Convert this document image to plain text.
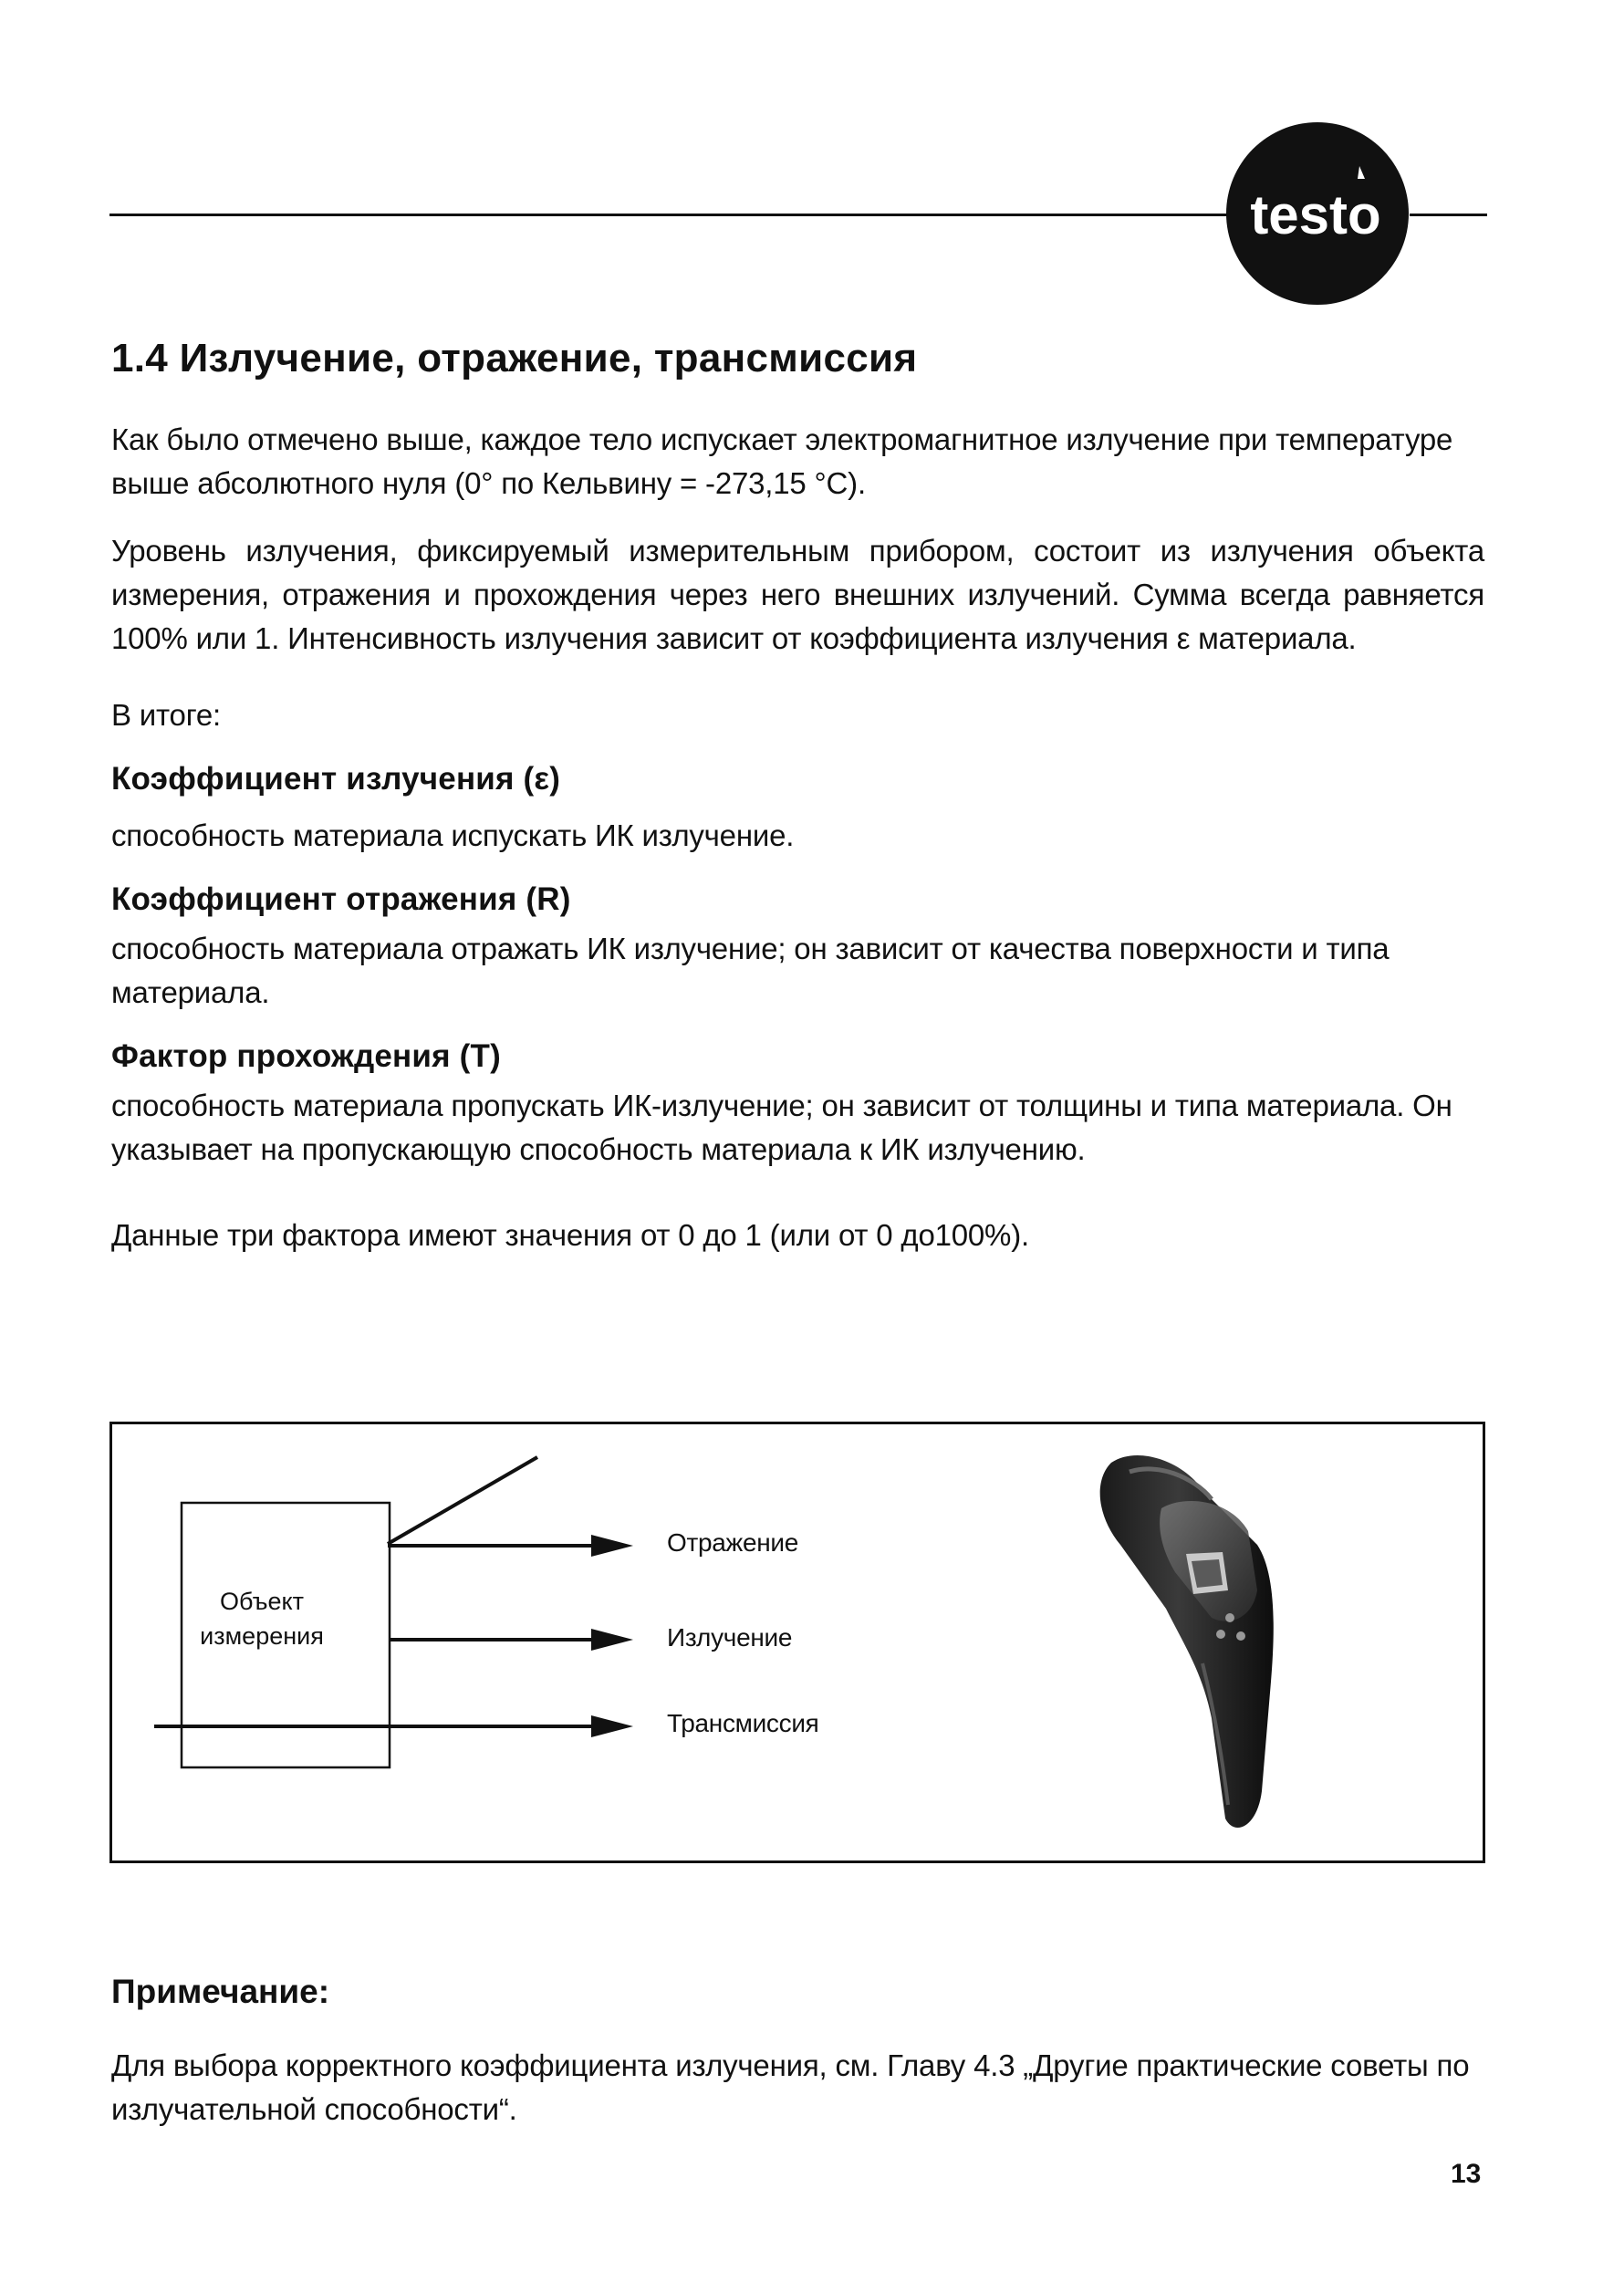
testo
1.4 Излучение, отражение, трансмиссия

Как было отмечено выше, каждое тело испускает электромагнитное излучение при температуре

выше абсолютного нуля (0° по Кельвину = -273,15 °C).

Уровень излучения, фиксируемый измерительным прибором, состоит из излучения объекта измерения, отражения и прохождения через него внешних излучений. Сумма всегда равняется 100% или 1. Интенсивность излучения зависит от коэффициента излучения ε материала.

В итоге:

Коэффициент излучения (ε)

способность материала испускать ИК излучение.

Коэффициент отражения (R)

способность материала отражать ИК излучение; он зависит от качества поверхности и типа материала.

Фактор прохождения (T)

способность материала пропускать ИК-излучение; он зависит от толщины и типа материала. Он указывает на пропускающую способность материала к ИК излучению.

Данные три фактора имеют значения от 0 до 1 (или от 0 до100%).

Объект
измерения
Отражение
Излучение
Трансмиссия
Примечание:

Для выбора корректного коэффициента излучения, см. Главу 4.3 „Другие практические советы по излучательной способности“.

13
